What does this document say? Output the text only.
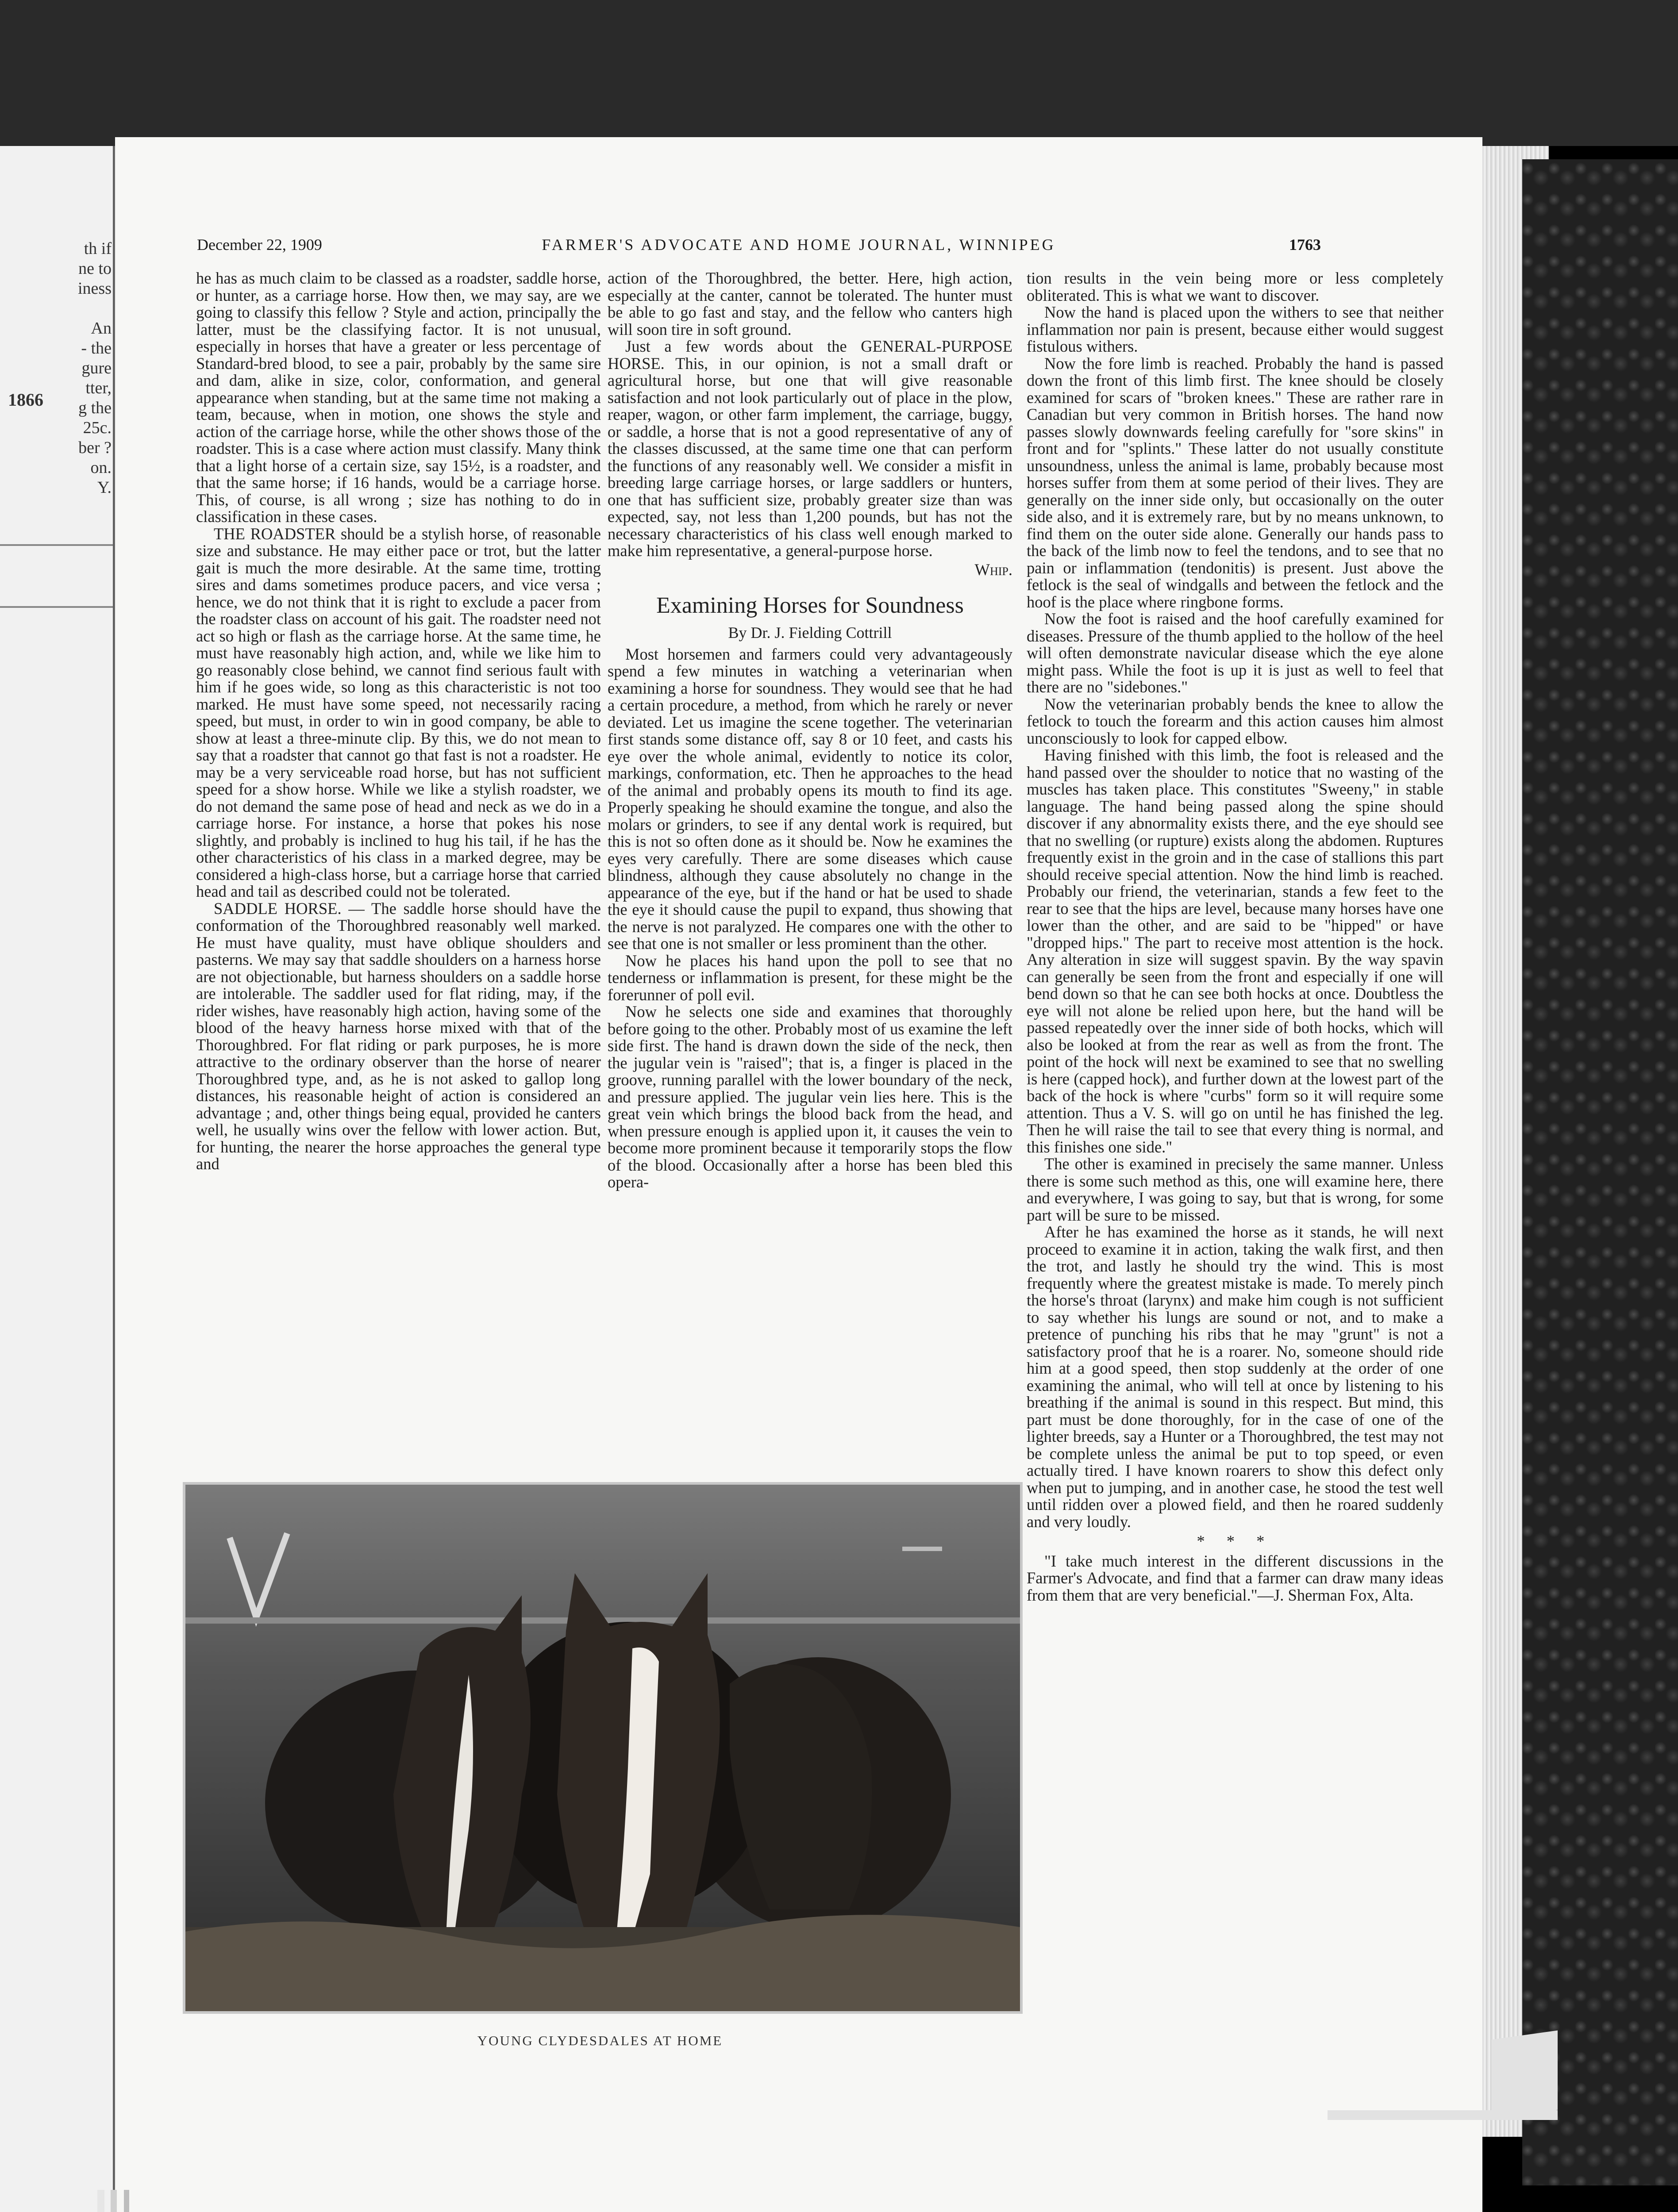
1866
th if
ne to
iness

An
- the
gure
tter,
g the
25c.
ber ?
on.
Y.
December 22, 1909	FARMER'S ADVOCATE AND HOME JOURNAL, WINNIPEG	1763

he has as much claim to be classed as a roadster, saddle horse, or hunter, as a carriage horse. How then, we may say, are we going to classify this fellow ? Style and action, principally the latter, must be the classifying factor. It is not unusual, especially in horses that have a greater or less percentage of Standard-bred blood, to see a pair, probably by the same sire and dam, alike in size, color, conformation, and general appearance when standing, but at the same time not making a team, because, when in motion, one shows the style and action of the carriage horse, while the other shows those of the roadster. This is a case where action must classify. Many think that a light horse of a certain size, say 15½, is a roadster, and that the same horse; if 16 hands, would be a carriage horse. This, of course, is all wrong ; size has nothing to do in classification in these cases.

THE ROADSTER should be a stylish horse, of reasonable size and substance. He may either pace or trot, but the latter gait is much the more desirable. At the same time, trotting sires and dams sometimes produce pacers, and vice versa ; hence, we do not think that it is right to exclude a pacer from the roadster class on account of his gait. The roadster need not act so high or flash as the carriage horse. At the same time, he must have reasonably high action, and, while we like him to go reasonably close behind, we cannot find serious fault with him if he goes wide, so long as this characteristic is not too marked. He must have some speed, not necessarily racing speed, but must, in order to win in good company, be able to show at least a three-minute clip. By this, we do not mean to say that a roadster that cannot go that fast is not a roadster. He may be a very serviceable road horse, but has not sufficient speed for a show horse. While we like a stylish roadster, we do not demand the same pose of head and neck as we do in a carriage horse. For instance, a horse that pokes his nose slightly, and probably is inclined to hug his tail, if he has the other characteristics of his class in a marked degree, may be considered a high-class horse, but a carriage horse that carried head and tail as described could not be tolerated.

SADDLE HORSE. — The saddle horse should have the conformation of the Thoroughbred reasonably well marked. He must have quality, must have oblique shoulders and pasterns. We may say that saddle shoulders on a harness horse are not objectionable, but harness shoulders on a saddle horse are intolerable. The saddler used for flat riding, may, if the rider wishes, have reasonably high action, having some of the blood of the heavy harness horse mixed with that of the Thoroughbred. For flat riding or park purposes, he is more attractive to the ordinary observer than the horse of nearer Thoroughbred type, and, as he is not asked to gallop long distances, his reasonable height of action is considered an advantage ; and, other things being equal, provided he canters well, he usually wins over the fellow with lower action. But, for hunting, the nearer the horse approaches the general type and

action of the Thoroughbred, the better. Here, high action, especially at the canter, cannot be tolerated. The hunter must be able to go fast and stay, and the fellow who canters high will soon tire in soft ground.

Just a few words about the GENERAL-PURPOSE HORSE. This, in our opinion, is not a small draft or agricultural horse, but one that will give reasonable satisfaction and not look particularly out of place in the plow, reaper, wagon, or other farm implement, the carriage, buggy, or saddle, a horse that is not a good representative of any of the classes discussed, at the same time one that can perform the functions of any reasonably well. We consider a misfit in breeding large carriage horses, or large saddlers or hunters, one that has sufficient size, probably greater size than was expected, say, not less than 1,200 pounds, but has not the necessary characteristics of his class well enough marked to make him representative, a general-purpose horse.

Whip.
Examining Horses for Soundness
By Dr. J. Fielding Cottrill

Most horsemen and farmers could very advantageously spend a few minutes in watching a veterinarian when examining a horse for soundness. They would see that he had a certain procedure, a method, from which he rarely or never deviated. Let us imagine the scene together. The veterinarian first stands some distance off, say 8 or 10 feet, and casts his eye over the whole animal, evidently to notice its color, markings, conformation, etc. Then he approaches to the head of the animal and probably opens its mouth to find its age. Properly speaking he should examine the tongue, and also the molars or grinders, to see if any dental work is required, but this is not so often done as it should be. Now he examines the eyes very carefully. There are some diseases which cause blindness, although they cause absolutely no change in the appearance of the eye, but if the hand or hat be used to shade the eye it should cause the pupil to expand, thus showing that the nerve is not paralyzed. He compares one with the other to see that one is not smaller or less prominent than the other.

Now he places his hand upon the poll to see that no tenderness or inflammation is present, for these might be the forerunner of poll evil.

Now he selects one side and examines that thoroughly before going to the other. Probably most of us examine the left side first. The hand is drawn down the side of the neck, then the jugular vein is "raised"; that is, a finger is placed in the groove, running parallel with the lower boundary of the neck, and pressure applied. The jugular vein lies here. This is the great vein which brings the blood back from the head, and when pressure enough is applied upon it, it causes the vein to become more prominent because it temporarily stops the flow of the blood. Occasionally after a horse has been bled this opera-

tion results in the vein being more or less completely obliterated. This is what we want to discover.

Now the hand is placed upon the withers to see that neither inflammation nor pain is present, because either would suggest fistulous withers.

Now the fore limb is reached. Probably the hand is passed down the front of this limb first. The knee should be closely examined for scars of "broken knees." These are rather rare in Canadian but very common in British horses. The hand now passes slowly downwards feeling carefully for "sore skins" in front and for "splints." These latter do not usually constitute unsoundness, unless the animal is lame, probably because most horses suffer from them at some period of their lives. They are generally on the inner side only, but occasionally on the outer side also, and it is extremely rare, but by no means unknown, to find them on the outer side alone. Generally our hands pass to the back of the limb now to feel the tendons, and to see that no pain or inflammation (tendonitis) is present. Just above the fetlock is the seal of windgalls and between the fetlock and the hoof is the place where ringbone forms.

Now the foot is raised and the hoof carefully examined for diseases. Pressure of the thumb applied to the hollow of the heel will often demonstrate navicular disease which the eye alone might pass. While the foot is up it is just as well to feel that there are no "sidebones."

Now the veterinarian probably bends the knee to allow the fetlock to touch the forearm and this action causes him almost unconsciously to look for capped elbow.

Having finished with this limb, the foot is released and the hand passed over the shoulder to notice that no wasting of the muscles has taken place. This constitutes "Sweeny," in stable language. The hand being passed along the spine should discover if any abnormality exists there, and the eye should see that no swelling (or rupture) exists along the abdomen. Ruptures frequently exist in the groin and in the case of stallions this part should receive special attention. Now the hind limb is reached. Probably our friend, the veterinarian, stands a few feet to the rear to see that the hips are level, because many horses have one lower than the other, and are said to be "hipped" or have "dropped hips." The part to receive most attention is the hock. Any alteration in size will suggest spavin. By the way spavin can generally be seen from the front and especially if one will bend down so that he can see both hocks at once. Doubtless the eye will not alone be relied upon here, but the hand will be passed repeatedly over the inner side of both hocks, which will also be looked at from the rear as well as from the front. The point of the hock will next be examined to see that no swelling is here (capped hock), and further down at the lowest part of the back of the hock is where "curbs" form so it will require some attention. Thus a V. S. will go on until he has finished the leg. Then he will raise the tail to see that every thing is normal, and this finishes one side."

The other is examined in precisely the same manner. Unless there is some such method as this, one will examine here, there and everywhere, I was going to say, but that is wrong, for some part will be sure to be missed.

After he has examined the horse as it stands, he will next proceed to examine it in action, taking the walk first, and then the trot, and lastly he should try the wind. This is most frequently where the greatest mistake is made. To merely pinch the horse's throat (larynx) and make him cough is not sufficient to say whether his lungs are sound or not, and to make a pretence of punching his ribs that he may "grunt" is not a satisfactory proof that he is a roarer. No, someone should ride him at a good speed, then stop suddenly at the order of one examining the animal, who will tell at once by listening to his breathing if the animal is sound in this respect. But mind, this part must be done thoroughly, for in the case of one of the lighter breeds, say a Hunter or a Thoroughbred, the test may not be complete unless the animal be put to top speed, or even actually tired. I have known roarers to show this defect only when put to jumping, and in another case, he stood the test well until ridden over a plowed field, and then he roared suddenly and very loudly.

* * *

"I take much interest in the different discussions in the Farmer's Advocate, and find that a farmer can draw many ideas from them that are very beneficial."—J. Sherman Fox, Alta.

YOUNG CLYDESDALES AT HOME
